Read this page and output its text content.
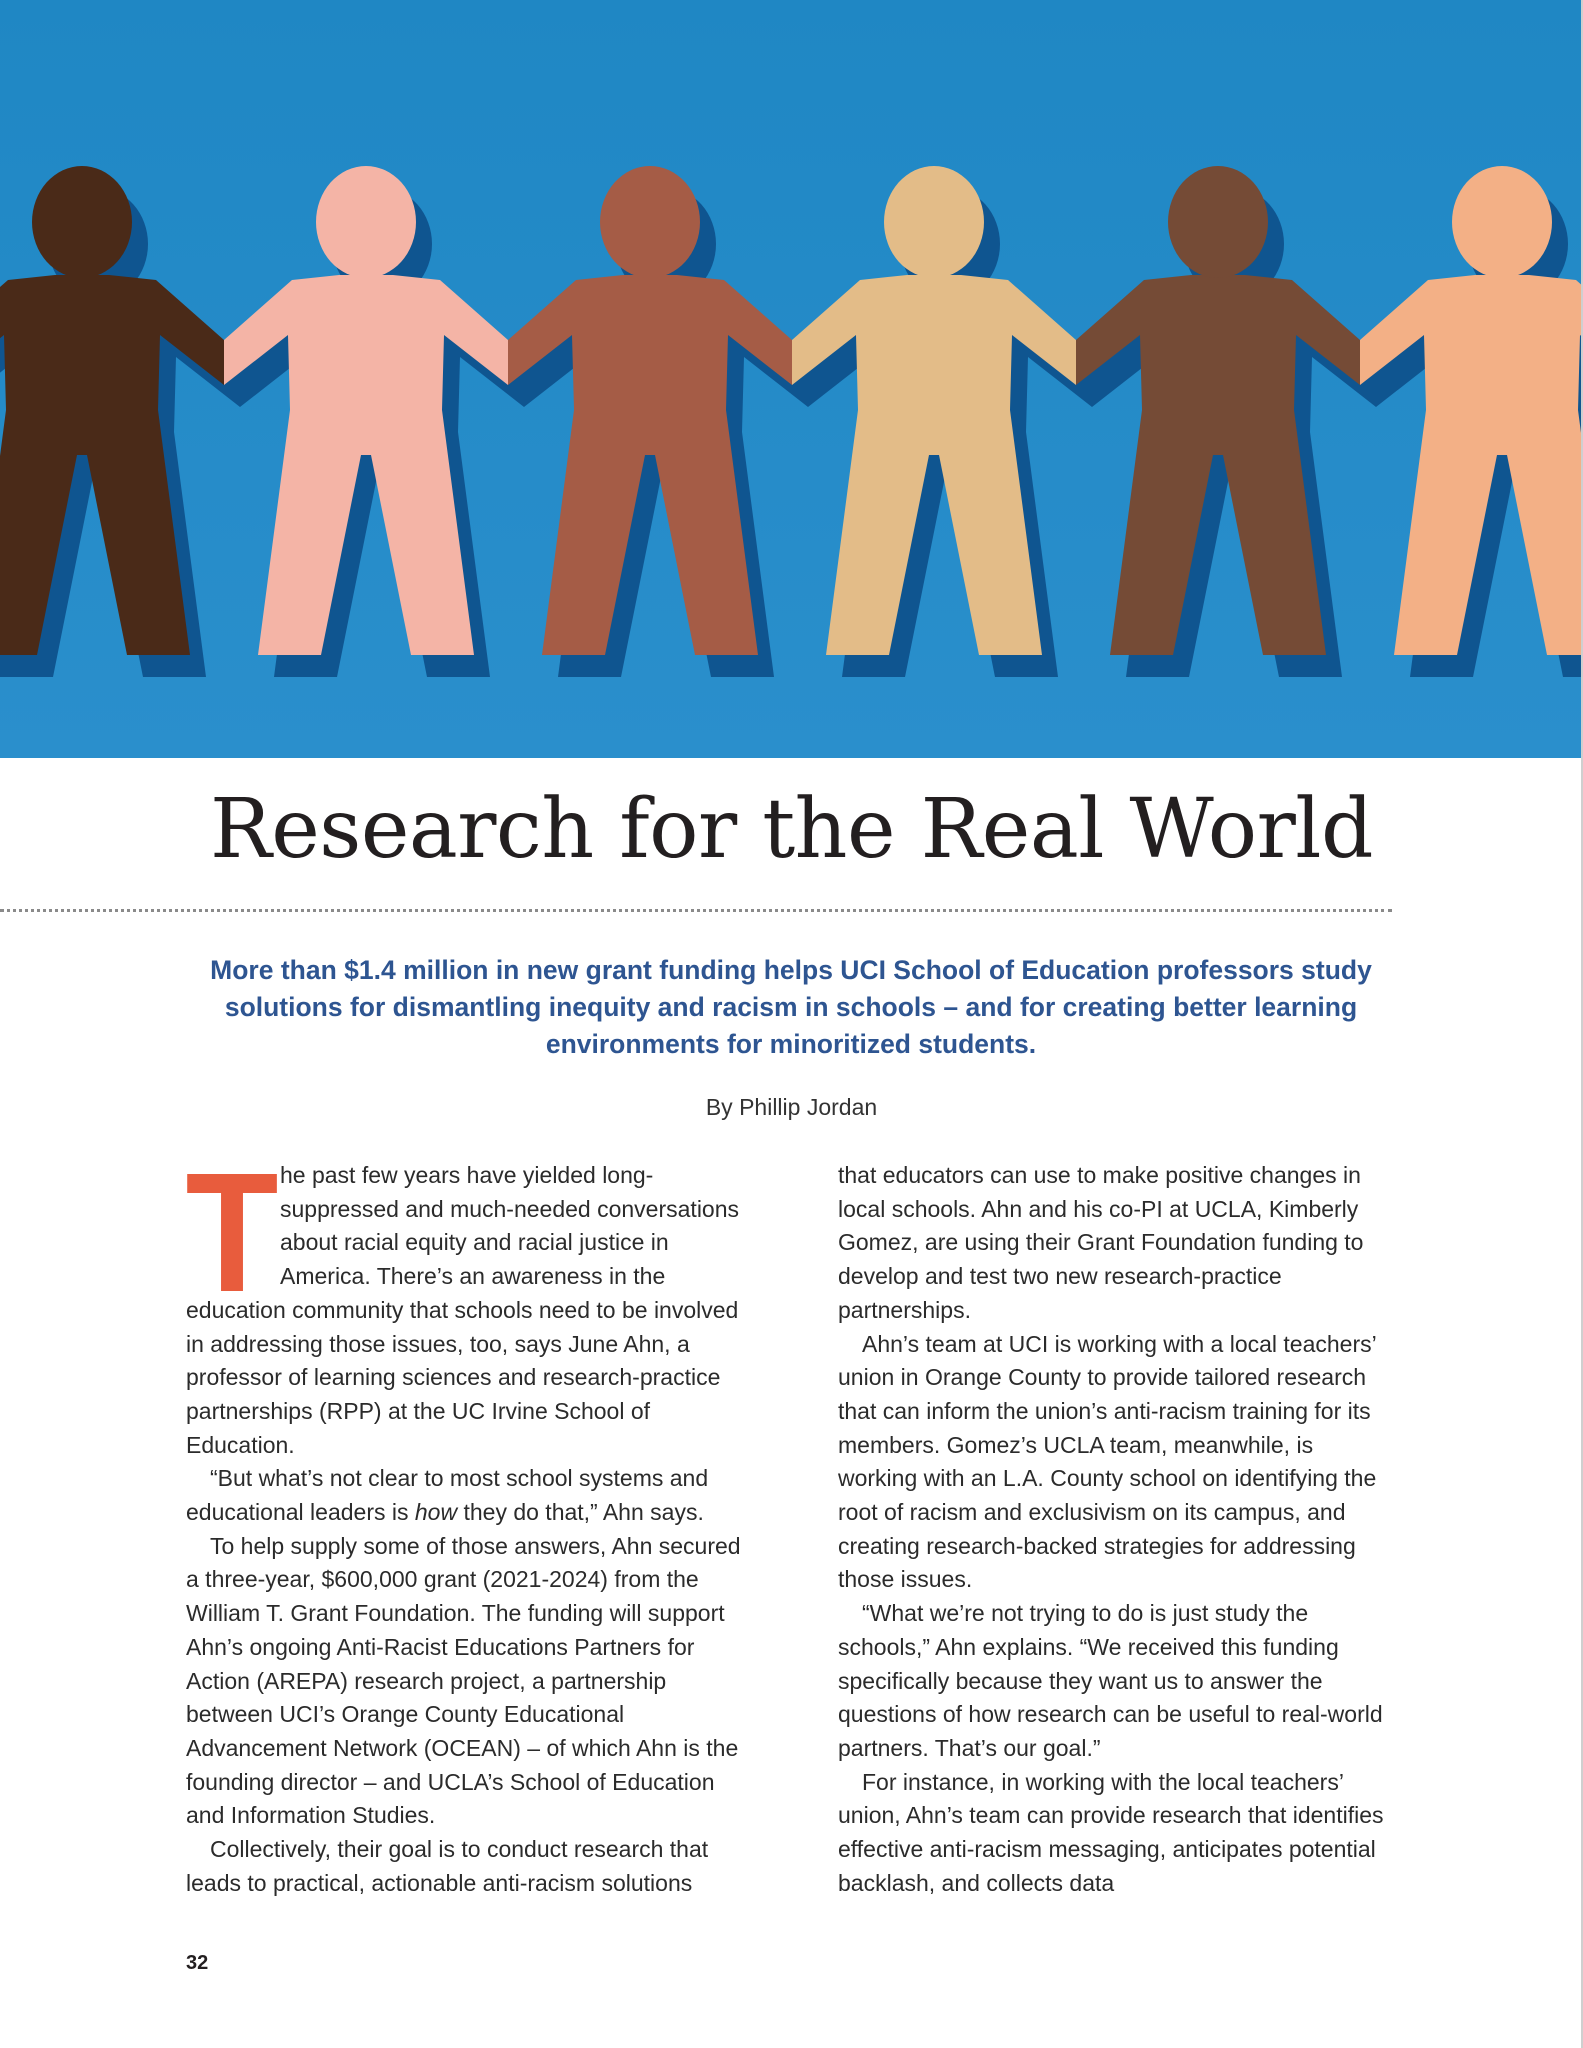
Research for the Real World

More than $1.4 million in new grant funding helps UCI School of Education professors study solutions for dismantling inequity and racism in schools – and for creating better learning environments for minoritized students.

By Phillip Jordan

T he past few years have yielded long-suppressed and much-needed conversations about racial equity and racial justice in America. There’s an awareness in the education community that schools need to be involved in addressing those issues, too, says June Ahn, a professor of learning sciences and research-practice partnerships (RPP) at the UC Irvine School of Education.

“But what’s not clear to most school systems and educational leaders is how they do that,” Ahn says.

To help supply some of those answers, Ahn secured a three-year, $600,000 grant (2021-2024) from the William T. Grant Foundation. The funding will support Ahn’s ongoing Anti-Racist Educations Partners for Action (AREPA) research project, a partnership between UCI’s Orange County Educational Advancement Network (OCEAN) – of which Ahn is the founding director – and UCLA’s School of Education and Information Studies.

Collectively, their goal is to conduct research that leads to practical, actionable anti-racism solutions

that educators can use to make positive changes in local schools. Ahn and his co-PI at UCLA, Kimberly Gomez, are using their Grant Foundation funding to develop and test two new research-practice partnerships.

Ahn’s team at UCI is working with a local teachers’ union in Orange County to provide tailored research that can inform the union’s anti-racism training for its members. Gomez’s UCLA team, meanwhile, is working with an L.A. County school on identifying the root of racism and exclusivism on its campus, and creating research-backed strategies for addressing those issues.

“What we’re not trying to do is just study the schools,” Ahn explains. “We received this funding specifically because they want us to answer the questions of how research can be useful to real-world partners. That’s our goal.”

For instance, in working with the local teachers’ union, Ahn’s team can provide research that identifies effective anti-racism messaging, anticipates potential backlash, and collects data

32
